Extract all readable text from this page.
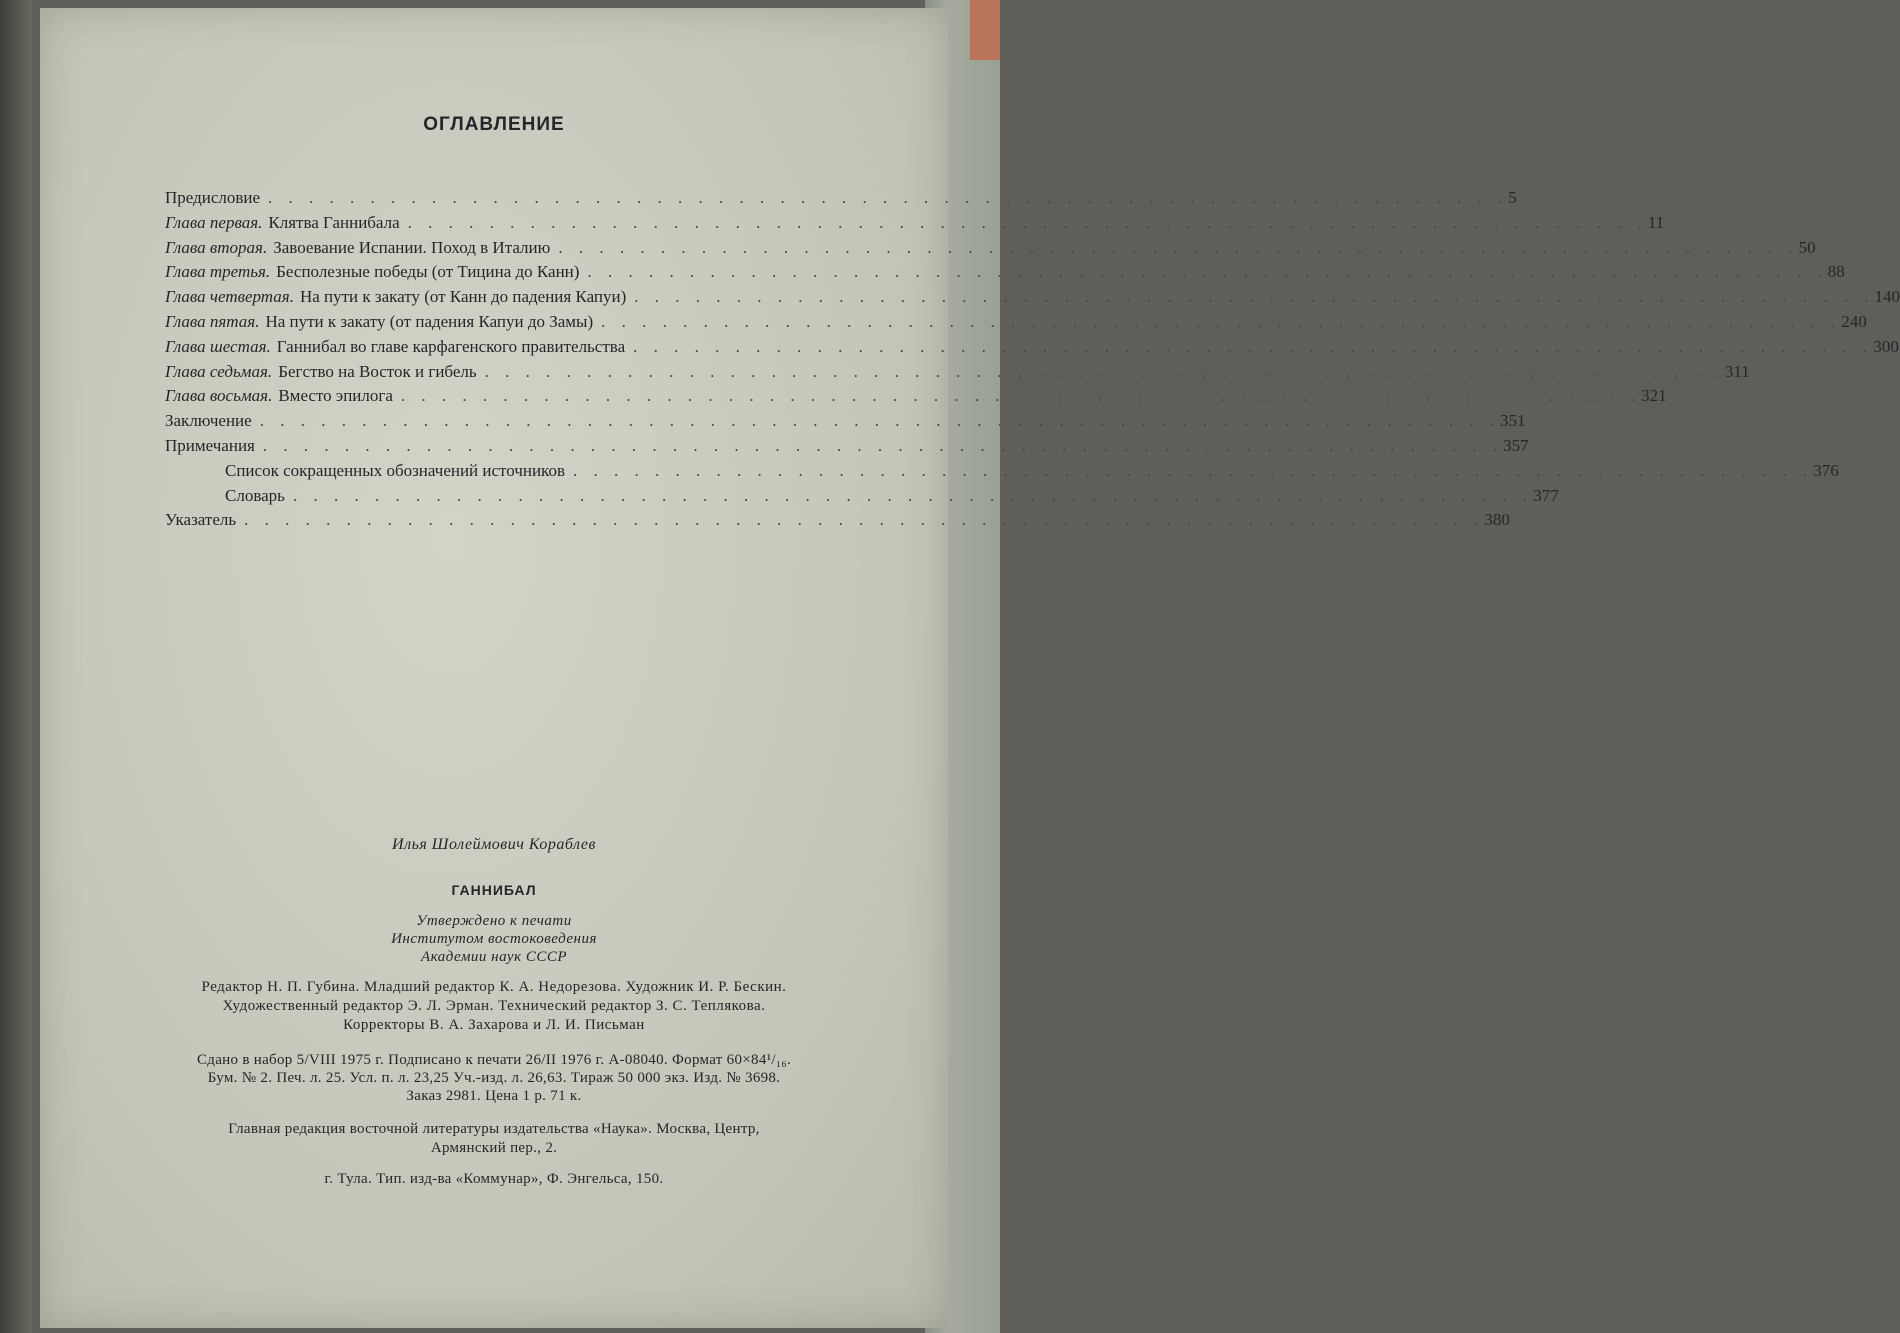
ОГЛАВЛЕНИЕ
Предисловие . . . . . . . . . . . . . . . . . . . . . . . . . . . . . . . . . . . . . . . . . . . . . . . . . . . . . . . . . . . . . 5
Глава первая. Клятва Ганнибала . . . . . . . . . . . . . . . . . . . . . . . . . . . . . . . . . . . . . . . . . . . . . . . . . . . . . . . . . . . . . 11
Глава вторая. Завоевание Испании. Поход в Италию . . . . . . . . . . . . . . . . . . . . . . . . . . . . . . . . . . . . . . . . . . . . . . . . . . . . . . . . . . . . . 50
Глава третья. Бесполезные победы (от Тицина до Канн) . . . . . . . . . . . . . . . . . . . . . . . . . . . . . . . . . . . . . . . . . . . . . . . . . . . . . . . . . . . . . 88
Глава четвертая. На пути к закату (от Канн до падения Капуи) . . . . . . . . . . . . . . . . . . . . . . . . . . . . . . . . . . . . . . . . . . . . . . . . . . . . . . . . . . . . . 140
Глава пятая. На пути к закату (от падения Капуи до Замы) . . . . . . . . . . . . . . . . . . . . . . . . . . . . . . . . . . . . . . . . . . . . . . . . . . . . . . . . . . . . . 240
Глава шестая. Ганнибал во главе карфагенского правительства . . . . . . . . . . . . . . . . . . . . . . . . . . . . . . . . . . . . . . . . . . . . . . . . . . . . . . . . . . . . . 300
Глава седьмая. Бегство на Восток и гибель . . . . . . . . . . . . . . . . . . . . . . . . . . . . . . . . . . . . . . . . . . . . . . . . . . . . . . . . . . . . . 311
Глава восьмая. Вместо эпилога . . . . . . . . . . . . . . . . . . . . . . . . . . . . . . . . . . . . . . . . . . . . . . . . . . . . . . . . . . . . . 321
Заключение . . . . . . . . . . . . . . . . . . . . . . . . . . . . . . . . . . . . . . . . . . . . . . . . . . . . . . . . . . . . . 351
Примечания . . . . . . . . . . . . . . . . . . . . . . . . . . . . . . . . . . . . . . . . . . . . . . . . . . . . . . . . . . . . . 357
Список сокращенных обозначений источников . . . . . . . . . . . . . . . . . . . . . . . . . . . . . . . . . . . . . . . . . . . . . . . . . . . . . . . . . . . . . 376
Словарь . . . . . . . . . . . . . . . . . . . . . . . . . . . . . . . . . . . . . . . . . . . . . . . . . . . . . . . . . . . . . 377
Указатель . . . . . . . . . . . . . . . . . . . . . . . . . . . . . . . . . . . . . . . . . . . . . . . . . . . . . . . . . . . . . 380
Илья Шолеймович Кораблев
ГАННИБАЛ
Утверждено к печати
Институтом востоковедения
Академии наук СССР
Редактор Н. П. Губина. Младший редактор К. А. Недорезова. Художник И. Р. Бескин.
Художественный редактор Э. Л. Эрман. Технический редактор З. С. Теплякова.
Корректоры В. А. Захарова и Л. И. Письман
Сдано в набор 5/VIII 1975 г. Подписано к печати 26/II 1976 г. А-08040. Формат 60×84¹/₁₆.
Бум. № 2. Печ. л. 25. Усл. п. л. 23,25 Уч.-изд. л. 26,63. Тираж 50 000 экз. Изд. № 3698.
Заказ 2981. Цена 1 р. 71 к.
Главная редакция восточной литературы издательства «Наука». Москва, Центр,
Армянский пер., 2.
г. Тула. Тип. изд-ва «Коммунар», Ф. Энгельса, 150.
